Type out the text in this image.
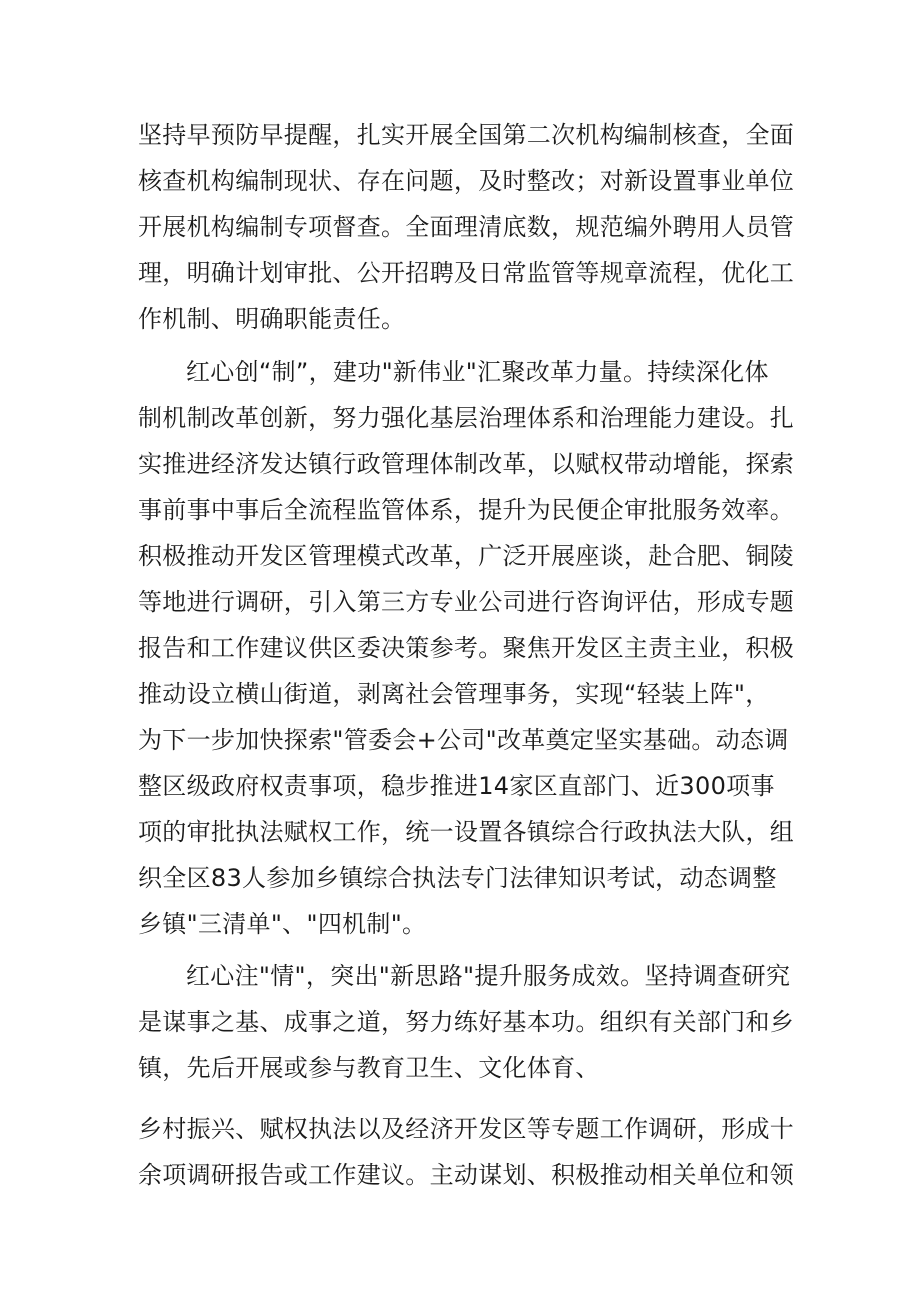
坚持早预防早提醒，扎实开展全国第二次机构编制核查，全面
核查机构编制现状、存在问题，及时整改；对新设置事业单位
开展机构编制专项督查。全面理清底数，规范编外聘用人员管
理，明确计划审批、公开招聘及日常监管等规章流程，优化工
作机制、明确职能责任。
红心创“制”，建功"新伟业"汇聚改革力量。持续深化体
制机制改革创新，努力强化基层治理体系和治理能力建设。扎
实推进经济发达镇行政管理体制改革，以赋权带动增能，探索
事前事中事后全流程监管体系，提升为民便企审批服务效率。
积极推动开发区管理模式改革，广泛开展座谈，赴合肥、铜陵
等地进行调研，引入第三方专业公司进行咨询评估，形成专题
报告和工作建议供区委决策参考。聚焦开发区主责主业，积极
推动设立横山街道，剥离社会管理事务，实现“轻装上阵"，
为下一步加快探索"管委会+公司"改革奠定坚实基础。动态调
整区级政府权责事项，稳步推进14家区直部门、近300项事
项的审批执法赋权工作，统一设置各镇综合行政执法大队，组
织全区83人参加乡镇综合执法专门法律知识考试，动态调整
乡镇"三清单"、"四机制"。
红心注"情"，突出"新思路"提升服务成效。坚持调查研究
是谋事之基、成事之道，努力练好基本功。组织有关部门和乡
镇，先后开展或参与教育卫生、文化体育、
乡村振兴、赋权执法以及经济开发区等专题工作调研，形成十
余项调研报告或工作建议。主动谋划、积极推动相关单位和领
